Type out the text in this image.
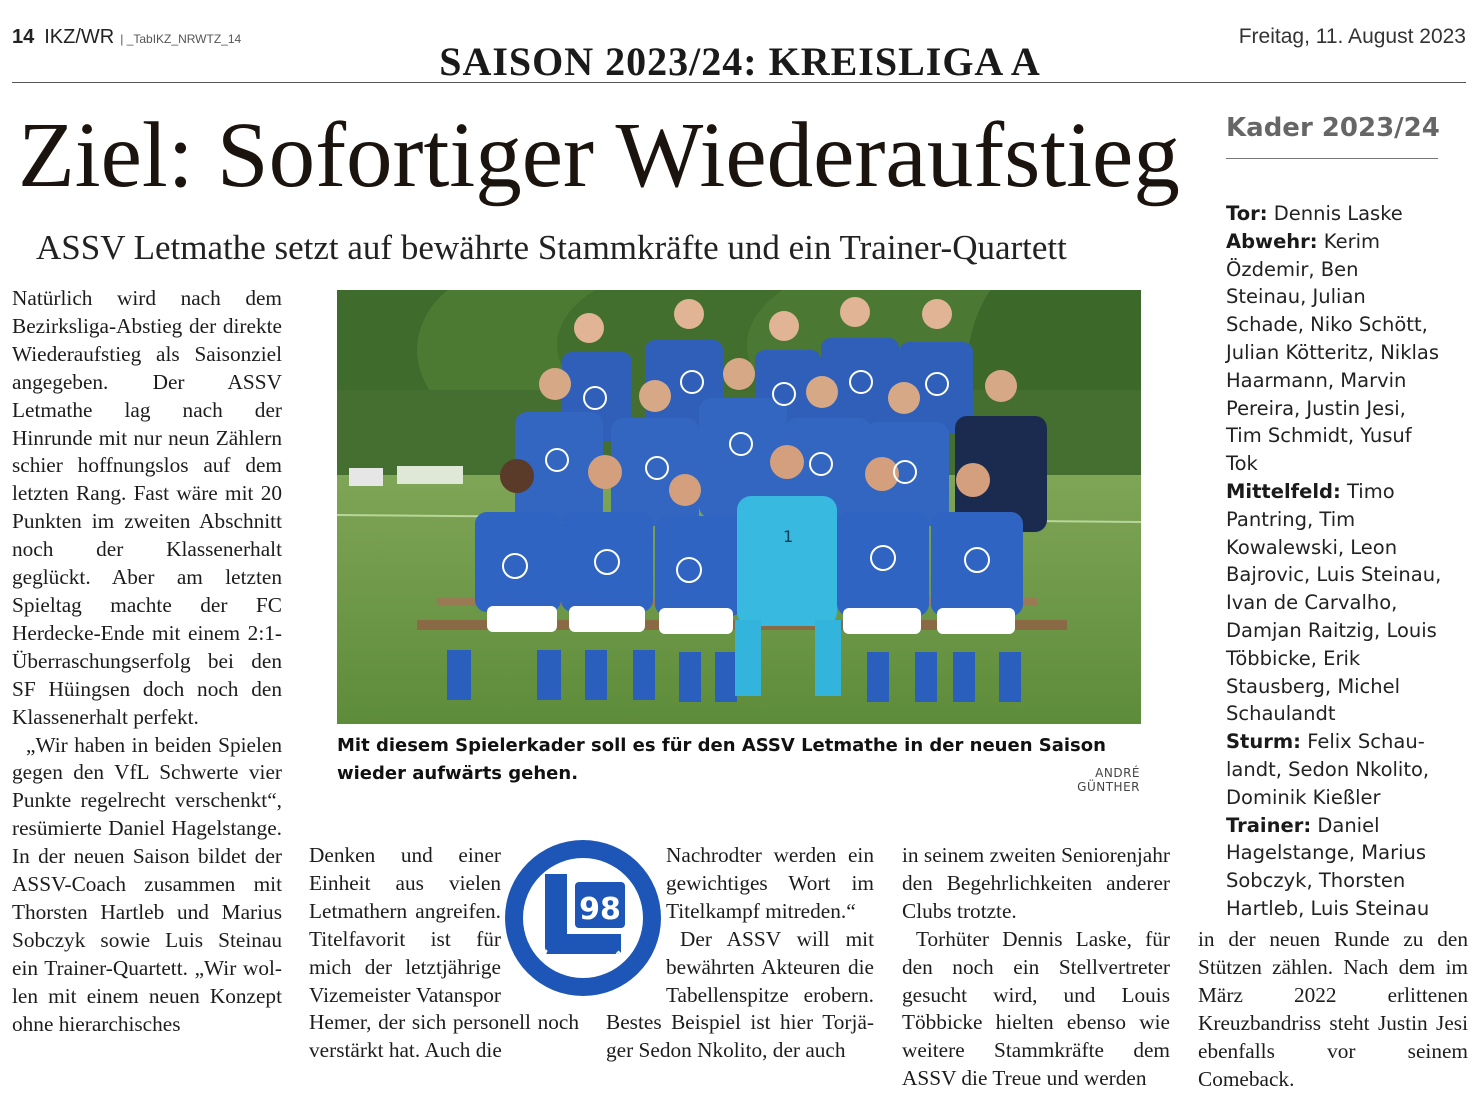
14 IKZ/WR | _TabIKZ_NRWTZ_14	SAISON 2023/24: KREISLIGA A
Freitag, 11. August 2023
Ziel: Sofortiger Wiederaufstieg
ASSV Letmathe setzt auf bewährte Stammkräfte und ein Trainer-Quartett

Natürlich wird nach dem Bezirksliga-Abstieg der direkte Wiederaufstieg als Saisonziel angegeben. Der ASSV Letmathe lag nach der Hinrunde mit nur neun Zählern schier hoffnungslos auf dem letzten Rang. Fast wäre mit 20 Punkten im zweiten Abschnitt noch der Klassenerhalt geglückt. Aber am letzten Spieltag machte der FC Herdecke-Ende mit einem 2:1-Überraschungserfolg bei den SF Hüingsen doch noch den Klassenerhalt perfekt.

„Wir haben in beiden Spielen gegen den VfL Schwerte vier Punkte regelrecht verschenkt“, resümierte Daniel Hagelstange. In der neuen Saison bildet der ASSV-Coach zusammen mit Thorsten Hartleb und Marius Sobczyk sowie Luis Steinau ein Trainer-Quartett. „Wir wollen mit einem neuen Konzept ohne hierarchisches

1
Mit diesem Spielerkader soll es für den ASSV Letmathe in der neuen Saison wieder aufwärts gehen.	ANDRÉ GÜNTHER
98
ASSV Letmathe 1898

Denken und einer Einheit aus vielen Letmathern angreifen. Titelfavorit ist für mich der letztjährige Vizemeister Vatanspor Hemer, der sich personell noch verstärkt hat. Auch die

Nachrodter werden ein gewichtiges Wort im Titelkampf mitreden.“

Der ASSV will mit bewährten Akteuren die Tabellenspitze erobern. Bestes Beispiel ist hier Torjäger Sedon Nkolito, der auch

in seinem zweiten Seniorenjahr den Begehrlichkeiten anderer Clubs trotzte.

Torhüter Dennis Laske, für den noch ein Stellvertreter gesucht wird, und Louis Többicke hielten ebenso wie weitere Stammkräfte dem ASSV die Treue und werden

in der neuen Runde zu den Stützen zählen. Nach dem im März 2022 erlittenen Kreuzbandriss steht Justin Jesi ebenfalls vor seinem Comeback.

Kader 2023/24
Tor: Dennis Laske
Abwehr: Kerim Özdemir, Ben Steinau, Julian Schade, Niko Schött, Julian Kötteritz, Niklas Haarmann, Marvin Pereira, Justin Jesi, Tim Schmidt, Yusuf Tok
Mittelfeld: Timo Pantring, Tim Kowalewski, Leon Bajrovic, Luis Steinau, Ivan de Carvalho, Damjan Raitzig, Louis Többicke, Erik Stausberg, Michel Schaulandt
Sturm: Felix Schaulandt, Sedon Nkolito, Dominik Kießler
Trainer: Daniel Hagelstange, Marius Sobczyk, Thorsten Hartleb, Luis Steinau
